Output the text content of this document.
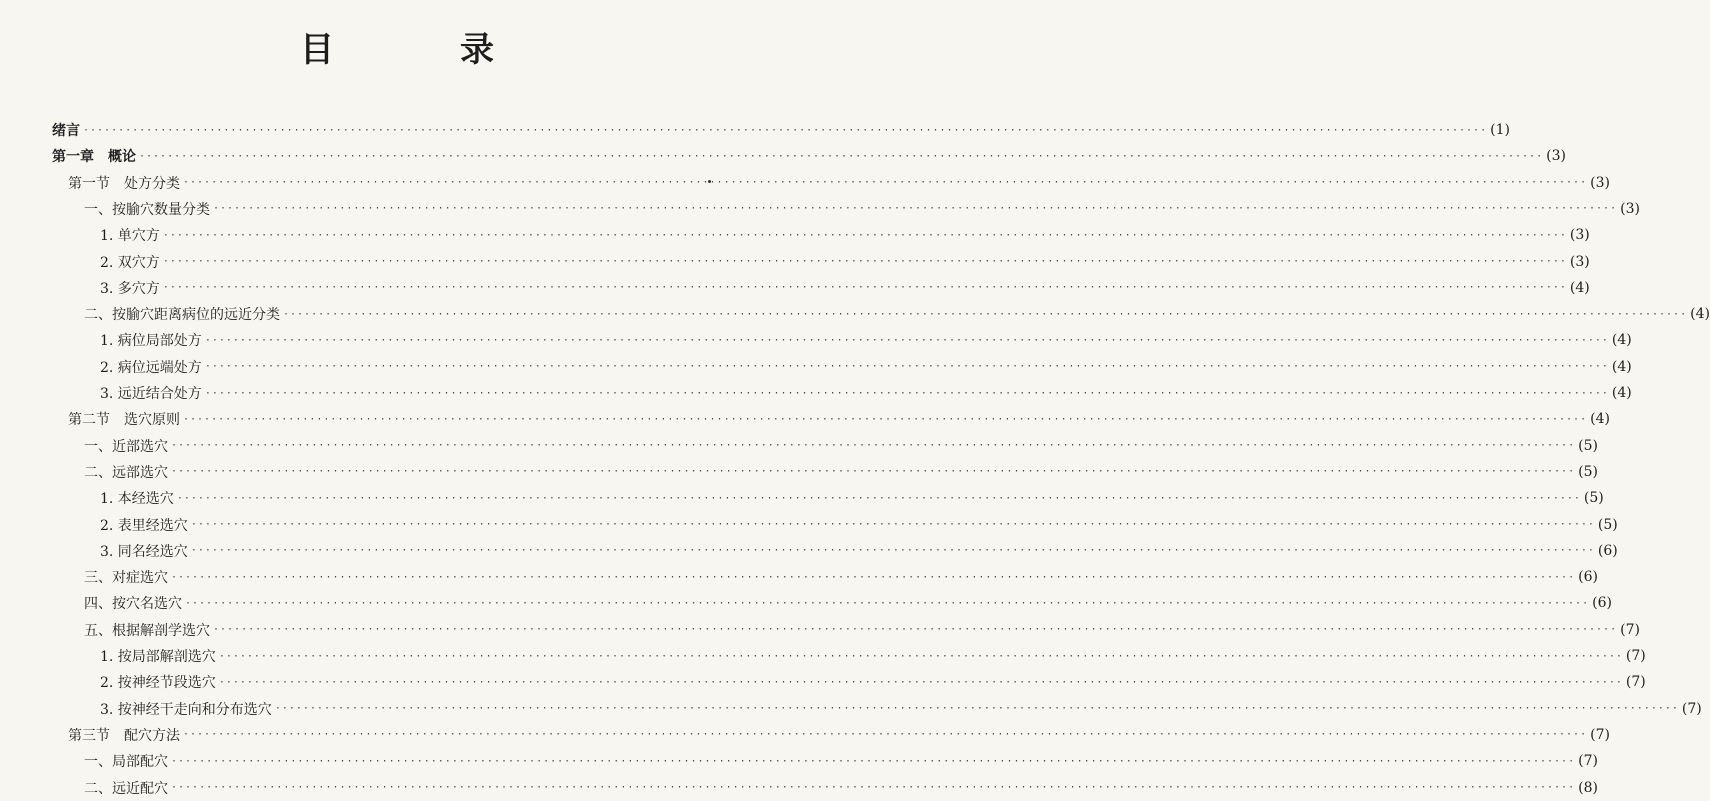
目　录
绪言 ········································································································································································································ (1)
第一章　概论 ········································································································································································································ (3)
第一节　处方分类 ········································································································································································································ (3)
一、按腧穴数量分类 ········································································································································································································ (3)
1. 单穴方 ········································································································································································································ (3)
2. 双穴方 ········································································································································································································ (3)
3. 多穴方 ········································································································································································································ (4)
二、按腧穴距离病位的远近分类 ········································································································································································································ (4)
1. 病位局部处方 ········································································································································································································ (4)
2. 病位远端处方 ········································································································································································································ (4)
3. 远近结合处方 ········································································································································································································ (4)
第二节　选穴原则 ········································································································································································································ (4)
一、近部选穴 ········································································································································································································ (5)
二、远部选穴 ········································································································································································································ (5)
1. 本经选穴 ········································································································································································································ (5)
2. 表里经选穴 ········································································································································································································ (5)
3. 同名经选穴 ········································································································································································································ (6)
三、对症选穴 ········································································································································································································ (6)
四、按穴名选穴 ········································································································································································································ (6)
五、根据解剖学选穴 ········································································································································································································ (7)
1. 按局部解剖选穴 ········································································································································································································ (7)
2. 按神经节段选穴 ········································································································································································································ (7)
3. 按神经干走向和分布选穴 ········································································································································································································ (7)
第三节　配穴方法 ········································································································································································································ (7)
一、局部配穴 ········································································································································································································ (7)
二、远近配穴 ········································································································································································································ (8)
